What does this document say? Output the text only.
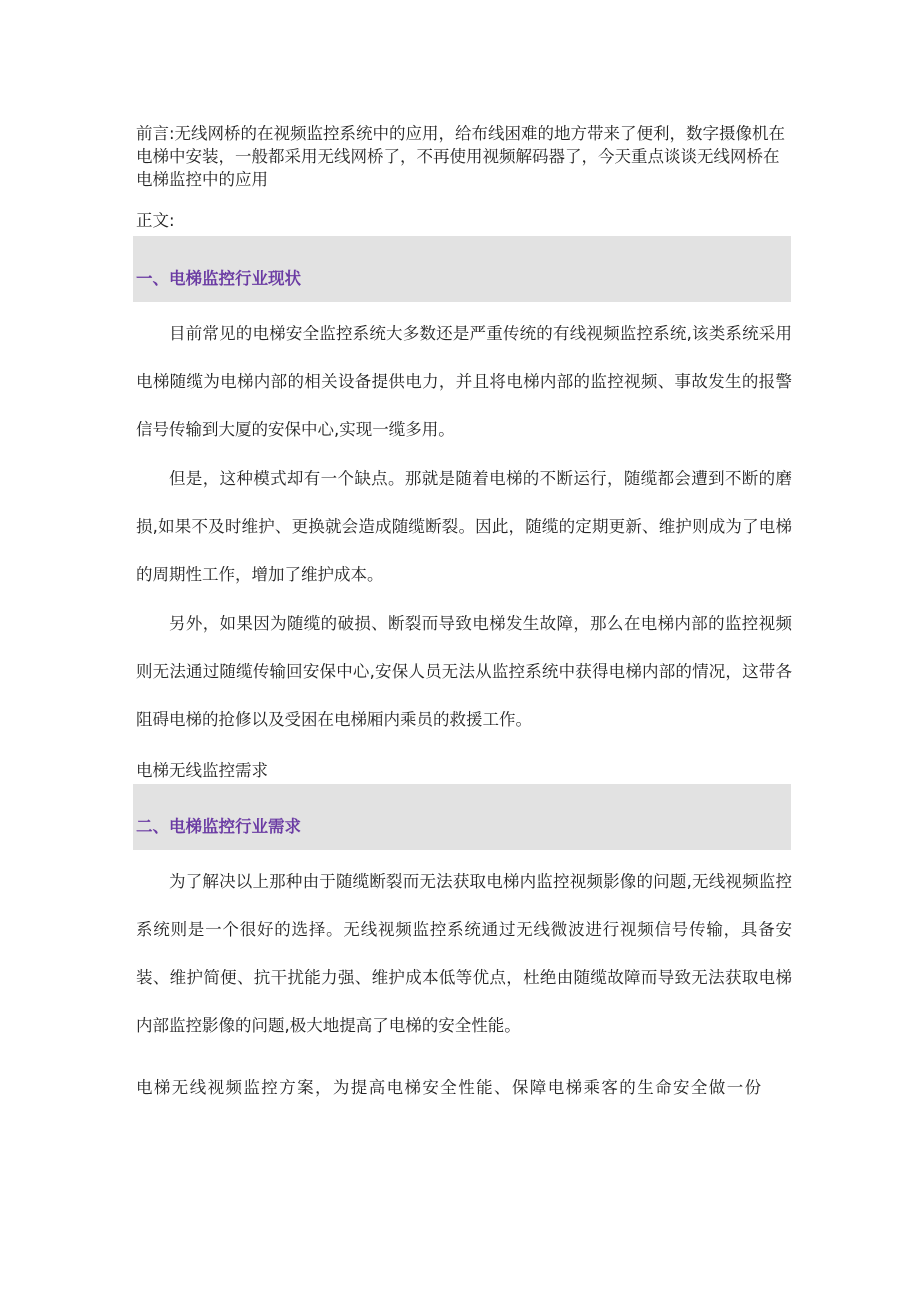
前言:无线网桥的在视频监控系统中的应用，给布线困难的地方带来了便利，数字摄像机在电梯中安装，一般都采用无线网桥了，不再使用视频解码器了，今天重点谈谈无线网桥在电梯监控中的应用

正文:

一、电梯监控行业现状

目前常见的电梯安全监控系统大多数还是严重传统的有线视频监控系统,该类系统采用电梯随缆为电梯内部的相关设备提供电力，并且将电梯内部的监控视频、事故发生的报警信号传输到大厦的安保中心,实现一缆多用。

但是，这种模式却有一个缺点。那就是随着电梯的不断运行，随缆都会遭到不断的磨损,如果不及时维护、更换就会造成随缆断裂。因此，随缆的定期更新、维护则成为了电梯的周期性工作，增加了维护成本。

另外，如果因为随缆的破损、断裂而导致电梯发生故障，那么在电梯内部的监控视频则无法通过随缆传输回安保中心,安保人员无法从监控系统中获得电梯内部的情况，这带各阻碍电梯的抢修以及受困在电梯厢内乘员的救援工作。

电梯无线监控需求

二、电梯监控行业需求

为了解决以上那种由于随缆断裂而无法获取电梯内监控视频影像的问题,无线视频监控系统则是一个很好的选择。无线视频监控系统通过无线微波进行视频信号传输，具备安装、维护简便、抗干扰能力强、维护成本低等优点，杜绝由随缆故障而导致无法获取电梯内部监控影像的问题,极大地提高了电梯的安全性能。

电梯无线视频监控方案，为提高电梯安全性能、保障电梯乘客的生命安全做一份
